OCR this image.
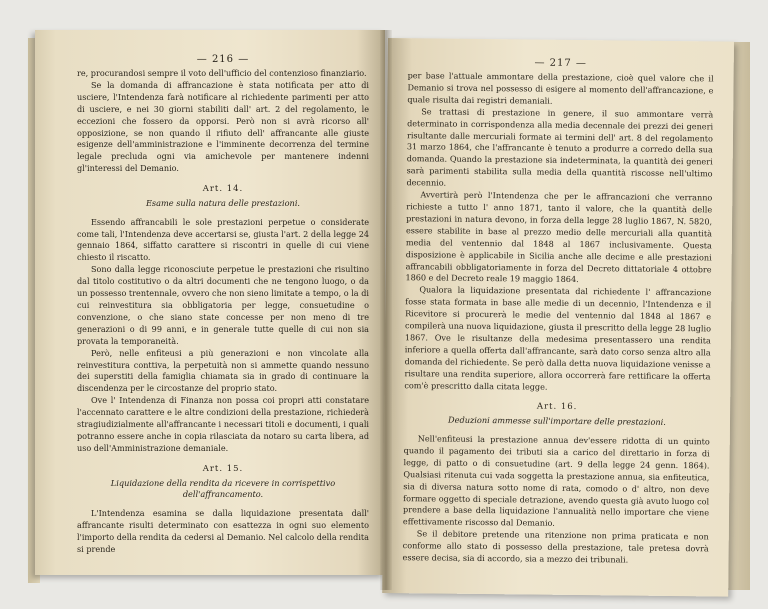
— 216 —

re, procurandosi sempre il voto dell'ufficio del contenzioso finanziario.

Se la domanda di affrancazione è stata notificata per atto di usciere, l'Intendenza farà notificare al richiedente parimenti per atto di usciere, e nei 30 giorni stabiliti dall' art. 2 del regolamento, le eccezioni che fossero da opporsi. Però non si avrà ricorso all' opposizione, se non quando il rifiuto dell' affrancante alle giuste esigenze dell'amministrazione e l'imminente decorrenza del termine legale precluda ogni via amichevole per mantenere indenni gl'interessi del Demanio.

Art. 14.

Esame sulla natura delle prestazioni.

Essendo affrancabili le sole prestazioni perpetue o considerate come tali, l'Intendenza deve accertarsi se, giusta l'art. 2 della legge 24 gennaio 1864, siffatto carattere si riscontri in quelle di cui viene chiesto il riscatto.

Sono dalla legge riconosciute perpetue le prestazioni che risultino dal titolo costitutivo o da altri documenti che ne tengono luogo, o da un possesso trentennale, ovvero che non sieno limitate a tempo, o la di cui reinvestitura sia obbligatoria per legge, consuetudine o convenzione, o che siano state concesse per non meno di tre generazioni o di 99 anni, e in generale tutte quelle di cui non sia provata la temporaneità.

Però, nelle enfiteusi a più generazioni e non vincolate alla reinvestitura conttiva, la perpetuità non si ammette quando nessuno dei superstiti della famiglia chiamata sia in grado di continuare la discendenza per le circostanze del proprio stato.

Ove l' Intendenza di Finanza non possa coi propri atti constatare l'accennato carattere e le altre condizioni della prestazione, richiederà stragiudizialmente all'affrancante i necessari titoli e documenti, i quali potranno essere anche in copia rilasciata da notaro su carta libera, ad uso dell'Amministrazione demaniale.

Art. 15.

Liquidazione della rendita da ricevere in corrispettivo

dell'affrancamento.

L'Intendenza esamina se dalla liquidazione presentata dall' affrancante risulti determinato con esattezza in ogni suo elemento l'importo della rendita da cedersi al Demanio. Nel calcolo della rendita si prende

— 217 —

per base l'attuale ammontare della prestazione, cioè quel valore che il Demanio si trova nel possesso di esigere al momento dell'affrancazione, e quale risulta dai registri demaniali.

Se trattasi di prestazione in genere, il suo ammontare verrà determinato in corrispondenza alla media decennale dei prezzi dei generi risultante dalle mercuriali formate ai termini dell' art. 8 del regolamento 31 marzo 1864, che l'affrancante è tenuto a produrre a corredo della sua domanda. Quando la prestazione sia indeterminata, la quantità dei generi sarà parimenti stabilita sulla media della quantità riscosse nell'ultimo decennio.

Avvertirà però l'Intendenza che per le affrancazioni che verranno richieste a tutto l' anno 1871, tanto il valore, che la quantità delle prestazioni in natura devono, in forza della legge 28 luglio 1867, N. 5820, essere stabilite in base al prezzo medio delle mercuriali alla quantità media del ventennio dal 1848 al 1867 inclusivamente. Questa disposizione è applicabile in Sicilia anche alle decime e alle prestazioni affrancabili obbligatoriamente in forza del Decreto dittatoriale 4 ottobre 1860 e del Decreto reale 19 maggio 1864.

Qualora la liquidazione presentata dal richiedente l' affrancazione fosse stata formata in base alle medie di un decennio, l'Intendenza e il Ricevitore si procurerà le medie del ventennio dal 1848 al 1867 e compilerà una nuova liquidazione, giusta il prescritto della legge 28 luglio 1867. Ove le risultanze della medesima presentassero una rendita inferiore a quella offerta dall'affrancante, sarà dato corso senza altro alla domanda del richiedente. Se però dalla detta nuova liquidazione venisse a risultare una rendita superiore, allora occorrerà fare rettificare la offerta com'è prescritto dalla citata legge.

Art. 16.

Deduzioni ammesse sull'importare delle prestazioni.

Nell'enfiteusi la prestazione annua dev'essere ridotta di un quinto quando il pagamento dei tributi sia a carico del direttario in forza di legge, di patto o di consuetudine (art. 9 della legge 24 genn. 1864). Qualsiasi ritenuta cui vada soggetta la prestazione annua, sia enfiteutica, sia di diversa natura sotto nome di rata, comodo o d' altro, non deve formare oggetto di speciale detrazione, avendo questa già avuto luogo col prendere a base della liquidazione l'annualità nello importare che viene effettivamente riscosso dal Demanio.

Se il debitore pretende una ritenzione non prima praticata e non conforme allo stato di possesso della prestazione, tale pretesa dovrà essere decisa, sia di accordo, sia a mezzo dei tribunali.
